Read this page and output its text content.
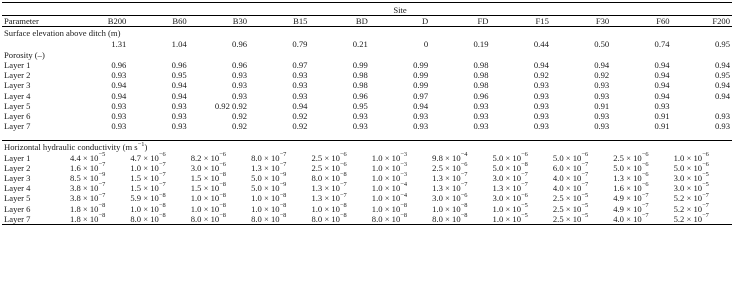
	Site										
Parameter	B200	B60	B30	B15	BD	D	FD	F15	F30	F60	F200
Surface elevation above ditch (m)											
	1.31	1.04	0.96	0.79	0.21	0	0.19	0.44	0.50	0.74	0.95
Porosity (–)											
Layer 1	0.96	0.96	0.96	0.97	0.99	0.99	0.98	0.94	0.94	0.94	0.94
Layer 2	0.93	0.95	0.93	0.93	0.98	0.99	0.98	0.92	0.92	0.94	0.95
Layer 3	0.94	0.94	0.93	0.93	0.98	0.99	0.98	0.93	0.93	0.94	0.94
Layer 4	0.94	0.94	0.93	0.93	0.96	0.97	0.96	0.93	0.93	0.94	0.94
Layer 5	0.93	0.93	0.92 0.92	0.94	0.95	0.94	0.93	0.93	0.91	0.93	
Layer 6	0.93	0.93	0.92	0.92	0.93	0.93	0.93	0.93	0.93	0.91	0.93
Layer 7	0.93	0.93	0.92	0.92	0.93	0.93	0.93	0.93	0.93	0.91	0.93

Horizontal hydraulic conductivity (m $s^{-1}$)											
Layer 1	$4.4 \times 10^{-5}$	$4.7 \times 10^{-6}$	$8.2 \times 10^{-6}$	$8.0 \times 10^{-7}$	$2.5 \times 10^{-6}$	$1.0 \times 10^{-3}$	$9.8 \times 10^{-4}$	$5.0 \times 10^{-6}$	$5.0 \times 10^{-6}$	$2.5 \times 10^{-6}$	$1.0 \times 10^{-6}$
Layer 2	$1.6 \times 10^{-7}$	$1.0 \times 10^{-7}$	$3.0 \times 10^{-6}$	$1.3 \times 10^{-7}$	$2.5 \times 10^{-6}$	$1.0 \times 10^{-3}$	$2.5 \times 10^{-6}$	$5.0 \times 10^{-8}$	$6.0 \times 10^{-7}$	$5.0 \times 10^{-6}$	$5.0 \times 10^{-6}$
Layer 3	$8.5 \times 10^{-9}$	$1.5 \times 10^{-7}$	$1.5 \times 10^{-8}$	$5.0 \times 10^{-9}$	$8.0 \times 10^{-8}$	$1.0 \times 10^{-3}$	$1.3 \times 10^{-7}$	$3.0 \times 10^{-7}$	$4.0 \times 10^{-7}$	$1.3 \times 10^{-6}$	$3.0 \times 10^{-5}$
Layer 4	$3.8 \times 10^{-7}$	$1.5 \times 10^{-7}$	$1.5 \times 10^{-8}$	$5.0 \times 10^{-9}$	$1.3 \times 10^{-7}$	$1.0 \times 10^{-4}$	$1.3 \times 10^{-7}$	$1.3 \times 10^{-7}$	$4.0 \times 10^{-7}$	$1.6 \times 10^{-6}$	$3.0 \times 10^{-5}$
Layer 5	$3.8 \times 10^{-7}$	$5.9 \times 10^{-8}$	$1.0 \times 10^{-8}$	$1.0 \times 10^{-8}$	$1.3 \times 10^{-7}$	$1.0 \times 10^{-4}$	$3.0 \times 10^{-6}$	$3.0 \times 10^{-6}$	$2.5 \times 10^{-5}$	$4.9 \times 10^{-7}$	$5.2 \times 10^{-7}$
Layer 6	$1.8 \times 10^{-8}$	$1.0 \times 10^{-8}$	$1.0 \times 10^{-8}$	$1.0 \times 10^{-8}$	$1.0 \times 10^{-8}$	$1.0 \times 10^{-8}$	$1.0 \times 10^{-8}$	$1.0 \times 10^{-5}$	$2.5 \times 10^{-5}$	$4.9 \times 10^{-7}$	$5.2 \times 10^{-7}$
Layer 7	$1.8 \times 10^{-8}$	$8.0 \times 10^{-8}$	$8.0 \times 10^{-8}$	$8.0 \times 10^{-8}$	$8.0 \times 10^{-8}$	$8.0 \times 10^{-8}$	$8.0 \times 10^{-8}$	$1.0 \times 10^{-5}$	$2.5 \times 10^{-5}$	$4.0 \times 10^{-7}$	$5.2 \times 10^{-7}$
